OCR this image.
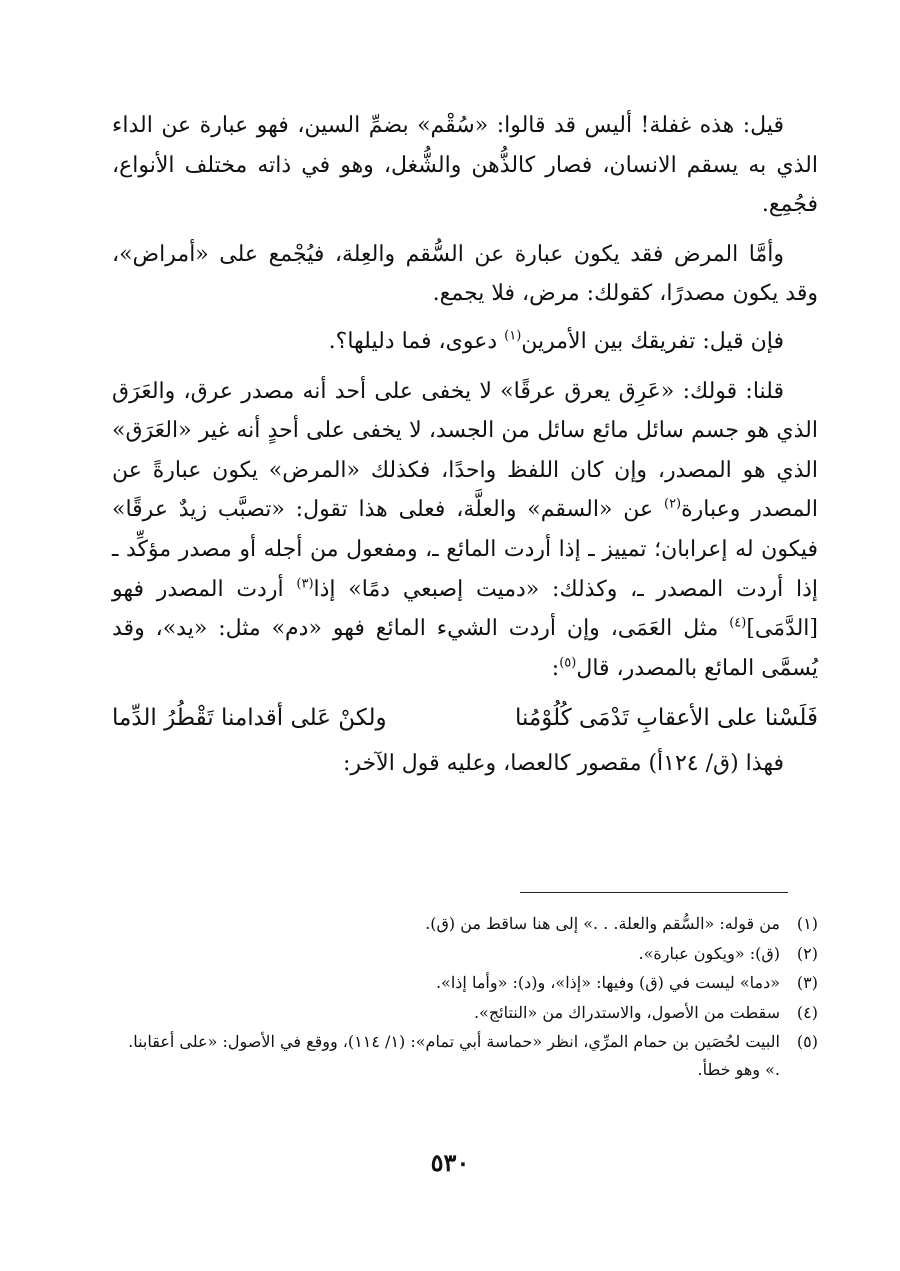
قيل: هذه غفلة! أليس قد قالوا: «سُقْم» بضمِّ السين، فهو عبارة عن الداء الذي به يسقم الانسان، فصار كالذُّهن والشُّغل، وهو في ذاته مختلف الأنواع، فجُمِع.

وأمَّا المرض فقد يكون عبارة عن السُّقم والعِلة، فيُجْمع على «أمراض»، وقد يكون مصدرًا، كقولك: مرض، فلا يجمع.

فإن قيل: تفريقك بين الأمرين$^{(١)}$ دعوى، فما دليلها؟.

قلنا: قولك: «عَرِق يعرق عرقًا» لا يخفى على أحد أنه مصدر عرق، والعَرَق الذي هو جسم سائل مائع سائل من الجسد، لا يخفى على أحدٍ أنه غير «العَرَق» الذي هو المصدر، وإن كان اللفظ واحدًا، فكذلك «المرض» يكون عبارةً عن المصدر وعبارة$^{(٢)}$ عن «السقم» والعلَّة، فعلى هذا تقول: «تصبَّب زيدٌ عرقًا» فيكون له إعرابان؛ تمييز ـ إذا أردت المائع ـ، ومفعول من أجله أو مصدر مؤكِّد ـ إذا أردت المصدر ـ، وكذلك: «دميت إصبعي دمًا» إذا$^{(٣)}$ أردت المصدر فهو [الدَّمَى]$^{(٤)}$ مثل العَمَى، وإن أردت الشيء المائع فهو «دم» مثل: «يد»، وقد يُسمَّى المائع بالمصدر، قال$^{(٥)}$:

فَلَسْنا على الأعقابِ تَدْمَى كُلُوْمُنا
ولكنْ عَلى أقدامنا تَقْطُرُ الدِّما

فهذا (ق/ ١٢٤أ) مقصور كالعصا، وعليه قول الآخر:

(١)
من قوله: «السُّقم والعلة. . .» إلى هنا ساقط من (ق).
(٢)
(ق): «ويكون عبارة».
(٣)
«دما» ليست في (ق) وفيها: «إذا»، و(د): «وأما إذا».
(٤)
سقطت من الأصول، والاستدراك من «النتائج».
(٥)
البيت لحُصَين بن حمام المرِّي، انظر «حماسة أبي تمام»: (١/ ١١٤)، ووقع في الأصول: «على أعقابنا. .» وهو خطأ.
٥٣٠
